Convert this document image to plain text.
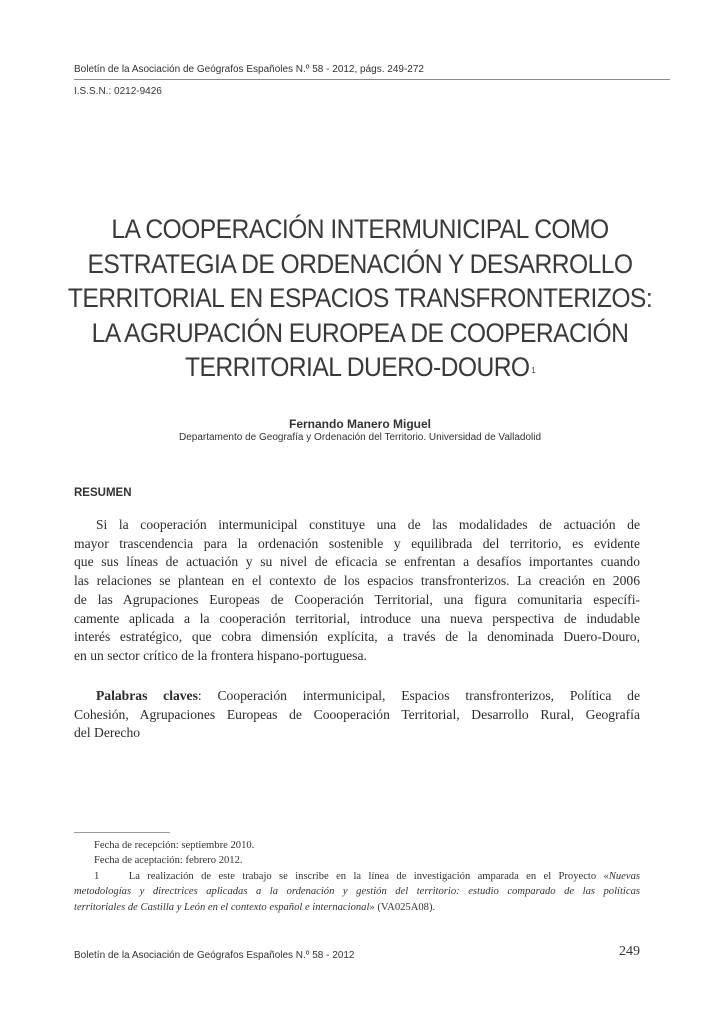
Boletín de la Asociación de Geógrafos Españoles N.º 58 - 2012, págs. 249-272
I.S.S.N.: 0212-9426
LA COOPERACIÓN INTERMUNICIPAL COMO
ESTRATEGIA DE ORDENACIÓN Y DESARROLLO
TERRITORIAL EN ESPACIOS TRANSFRONTERIZOS:
LA AGRUPACIÓN EUROPEA DE COOPERACIÓN
TERRITORIAL DUERO-DOURO $^1$
Fernando Manero Miguel
Departamento de Geografía y Ordenación del Territorio. Universidad de Valladolid
RESUMEN
Si la cooperación intermunicipal constituye una de las modalidades de actuación de
mayor trascendencia para la ordenación sostenible y equilibrada del territorio, es evidente
que sus líneas de actuación y su nivel de eficacia se enfrentan a desafíos importantes cuando
las relaciones se plantean en el contexto de los espacios transfronterizos. La creación en 2006
de las Agrupaciones Europeas de Cooperación Territorial, una figura comunitaria específi-
camente aplicada a la cooperación territorial, introduce una nueva perspectiva de indudable
interés estratégico, que cobra dimensión explícita, a través de la denominada Duero-Douro,
en un sector crítico de la frontera hispano-portuguesa.
Palabras claves: Cooperación intermunicipal, Espacios transfronterizos, Política de
Cohesión, Agrupaciones Europeas de Coooperación Territorial, Desarrollo Rural, Geografía
del Derecho
Fecha de recepción: septiembre 2010.
Fecha de aceptación: febrero 2012.
1	La realización de este trabajo se inscribe en la línea de investigación amparada en el Proyecto «Nuevas
metodologías y directrices aplicadas a la ordenación y gestión del territorio: estudio comparado de las políticas
territoriales de Castilla y León en el contexto español e internacional» (VA025A08).
Boletín de la Asociación de Geógrafos Españoles N.º 58 - 2012	249
